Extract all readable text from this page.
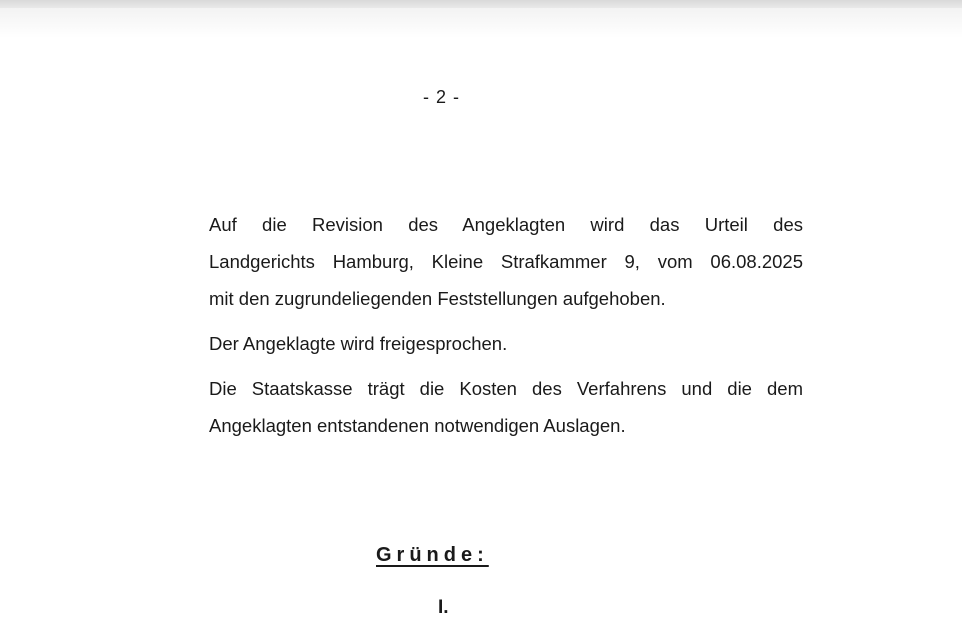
- 2 -

Auf die Revision des Angeklagten wird das Urteil des
Landgerichts Hamburg, Kleine Strafkammer 9, vom 06.08.2025
mit den zugrundeliegenden Feststellungen aufgehoben.

Der Angeklagte wird freigesprochen.

Die Staatskasse trägt die Kosten des Verfahrens und die dem
Angeklagten entstandenen notwendigen Auslagen.

Gründe:
I.
